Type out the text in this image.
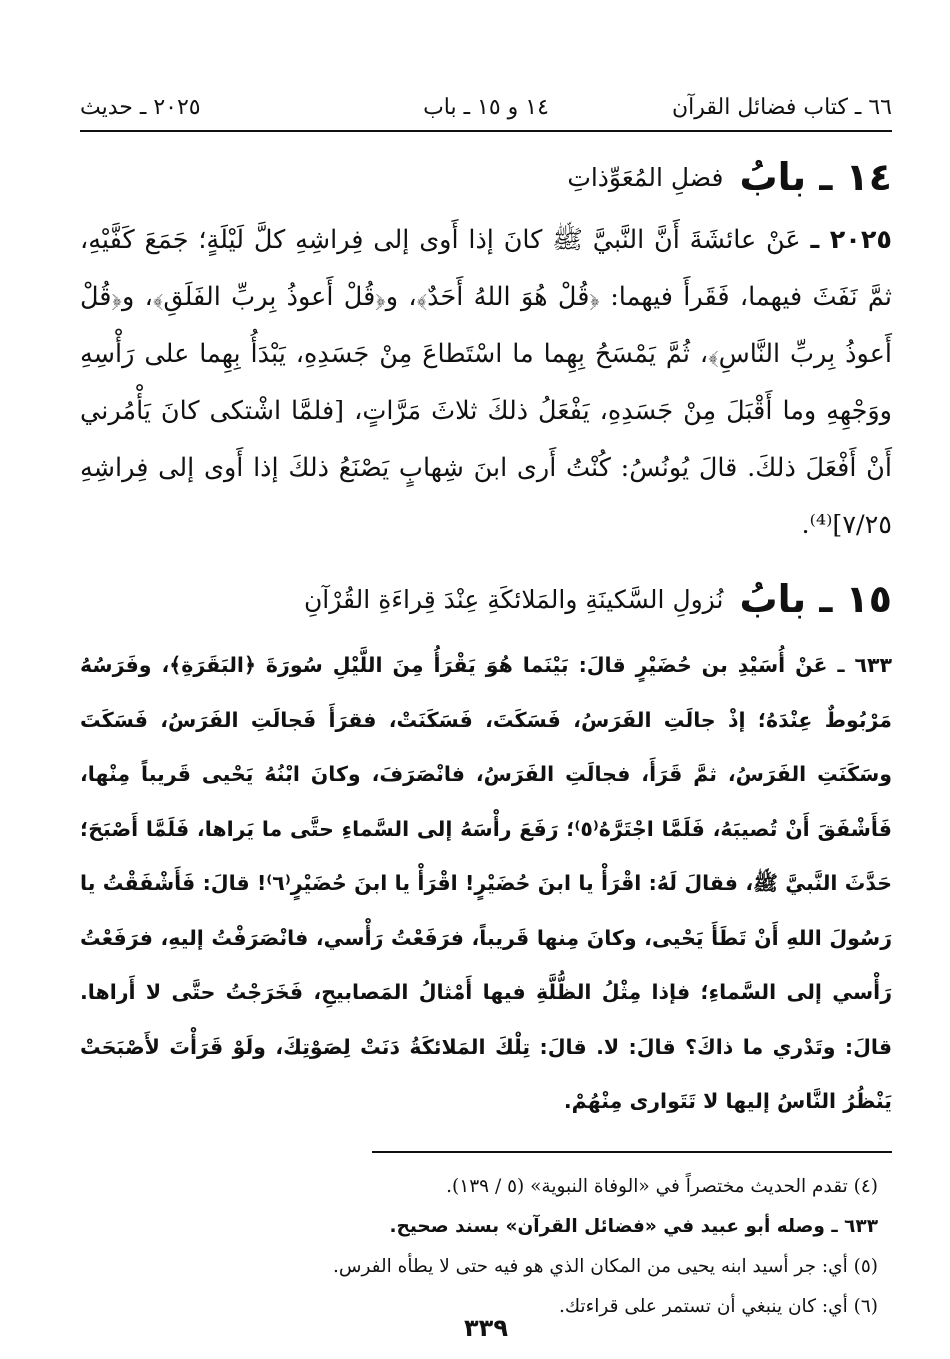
٦٦ ـ كتاب فضائل القرآن
١٤ و ١٥ ـ باب
٢٠٢٥ ـ حديث
١٤ ـ بابُ
فضلِ المُعَوِّذاتِ

٢٠٢٥ ـ عَنْ عائشَةَ أَنَّ النَّبيَّ ﷺ كانَ إذا أَوى إلى فِراشِهِ كلَّ لَيْلَةٍ؛ جَمَعَ كَفَّيْهِ، ثمَّ نَفَثَ فيهما، فَقَرأَ فيهما: ﴿قُلْ هُوَ اللهُ أَحَدٌ﴾، و﴿قُلْ أَعوذُ بِربِّ الفَلَقِ﴾، و﴿قُلْ أَعوذُ بِربِّ النَّاسِ﴾، ثُمَّ يَمْسَحُ بِهِما ما اسْتَطاعَ مِنْ جَسَدِهِ، يَبْدَأُ بِهِما على رَأْسِهِ ووَجْهِهِ وما أَقْبَلَ مِنْ جَسَدِهِ، يَفْعَلُ ذلكَ ثلاثَ مَرَّاتٍ، [فلمَّا اشْتكى كانَ يَأْمُرني أَنْ أَفْعَلَ ذلكَ. قالَ يُونُسُ: كُنْتُ أَرى ابنَ شِهابٍ يَصْنَعُ ذلكَ إذا أَوى إلى فِراشِهِ ٧/٢٥]⁽⁴⁾.

١٥ ـ بابُ
نُزولِ السَّكينَةِ والمَلائكَةِ عِنْدَ قِراءَةِ القُرْآنِ

٦٣٣ ـ عَنْ أُسَيْدِ بن حُضَيْرٍ قالَ: بَيْنَما هُوَ يَقْرَأُ مِنَ اللَّيْلِ سُورَةَ ﴿البَقَرَةِ﴾، وفَرَسُهُ مَرْبُوطٌ عِنْدَهُ؛ إذْ جالَتِ الفَرَسُ، فَسَكَتَ، فَسَكَنَتْ، فقرَأَ فَجالَتِ الفَرَسُ، فَسَكَتَ وسَكَنَتِ الفَرَسُ، ثمَّ قَرَأَ، فجالَتِ الفَرَسُ، فانْصَرَفَ، وكانَ ابْنُهُ يَحْيى قَريباً مِنْها، فَأَشْفَقَ أَنْ تُصيبَهُ، فَلَمَّا اجْتَرَّهُ⁽٥⁾؛ رَفَعَ رأْسَهُ إلى السَّماءِ حتَّى ما يَراها، فَلَمَّا أَصْبَحَ؛ حَدَّثَ النَّبيَّ ﷺ، فقالَ لَهُ: اقْرَأْ يا ابنَ حُضَيْرٍ! اقْرَأْ يا ابنَ حُضَيْرٍ⁽٦⁾! قالَ: فَأَشْفَقْتُ يا رَسُولَ اللهِ أَنْ تَطَأَ يَحْيى، وكانَ مِنها قَريباً، فرَفَعْتُ رَأْسي، فانْصَرَفْتُ إليهِ، فرَفَعْتُ رَأْسي إلى السَّماءِ؛ فإذا مِثْلُ الظُّلَّةِ فيها أَمْثالُ المَصابيحِ، فَخَرَجْتُ حتَّى لا أَراها. قالَ: وتَدْري ما ذاكَ؟ قالَ: لا. قالَ: تِلْكَ المَلائكَةُ دَنَتْ لِصَوْتِكَ، ولَوْ قَرَأْتَ لأَصْبَحَتْ يَنْظُرُ النَّاسُ إليها لا تَتَوارى مِنْهُمْ.

(٤) تقدم الحديث مختصراً في «الوفاة النبوية» (٥ / ١٣٩).
٦٣٣ ـ وصله أبو عبيد في «فضائل القرآن» بسند صحيح.
(٥) أي: جر أسيد ابنه يحيى من المكان الذي هو فيه حتى لا يطأه الفرس.
(٦) أي: كان ينبغي أن تستمر على قراءتك.
٣٣٩
